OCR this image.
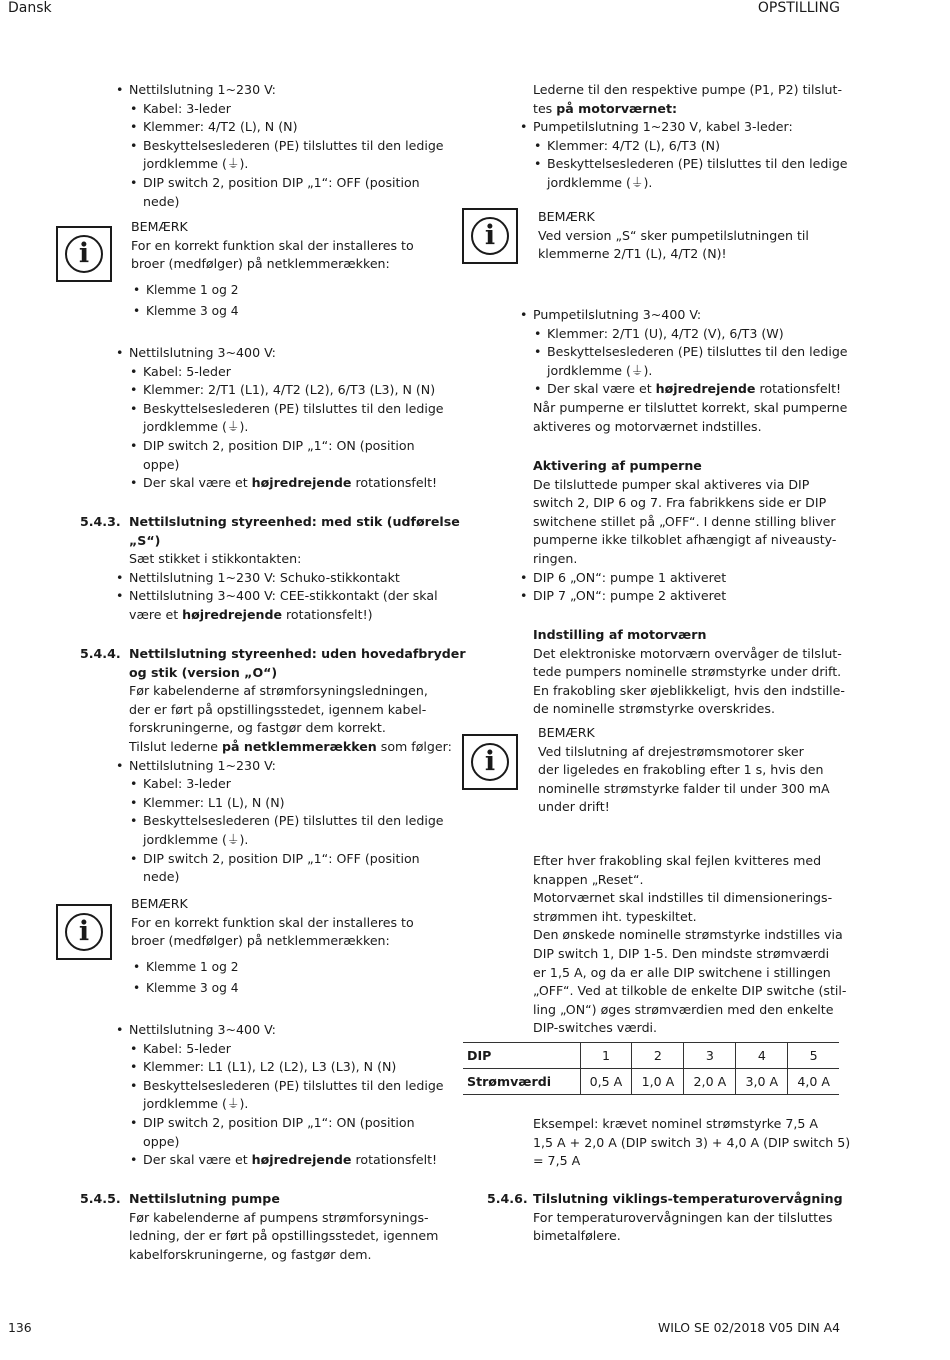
Dansk	OPSTILLING
• Nettilslutning 1~230 V:
• Kabel: 3-leder
• Klemmer: 4/T2 (L), N (N)
• Beskyttelseslederen (PE) tilsluttes til den ledige
jordklemme (⏚).
• DIP switch 2, position DIP „1“: OFF (position
nede)
i
BEMÆRK
For en korrekt funktion skal der installeres to
broer (medfølger) på netklemmerækken:
• Klemme 1 og 2
• Klemme 3 og 4
• Nettilslutning 3~400 V:
• Kabel: 5-leder
• Klemmer: 2/T1 (L1), 4/T2 (L2), 6/T3 (L3), N (N)
• Beskyttelseslederen (PE) tilsluttes til den ledige
jordklemme (⏚).
• DIP switch 2, position DIP „1“: ON (position
oppe)
• Der skal være et højredrejende rotationsfelt!
5.4.3. Nettilslutning styreenhed: med stik (udførelse
„S“)
Sæt stikket i stikkontakten:
• Nettilslutning 1~230 V: Schuko-stikkontakt
• Nettilslutning 3~400 V: CEE-stikkontakt (der skal
være et højredrejende rotationsfelt!)
5.4.4. Nettilslutning styreenhed: uden hovedafbryder
og stik (version „O“)
Før kabelenderne af strømforsyningsledningen,
der er ført på opstillingsstedet, igennem kabel-
forskruningerne, og fastgør dem korrekt.
Tilslut lederne på netklemmerækken som følger:
• Nettilslutning 1~230 V:
• Kabel: 3-leder
• Klemmer: L1 (L), N (N)
• Beskyttelseslederen (PE) tilsluttes til den ledige
jordklemme (⏚).
• DIP switch 2, position DIP „1“: OFF (position
nede)
i
BEMÆRK
For en korrekt funktion skal der installeres to
broer (medfølger) på netklemmerækken:
• Klemme 1 og 2
• Klemme 3 og 4
• Nettilslutning 3~400 V:
• Kabel: 5-leder
• Klemmer: L1 (L1), L2 (L2), L3 (L3), N (N)
• Beskyttelseslederen (PE) tilsluttes til den ledige
jordklemme (⏚).
• DIP switch 2, position DIP „1“: ON (position
oppe)
• Der skal være et højredrejende rotationsfelt!
5.4.5. Nettilslutning pumpe
Før kabelenderne af pumpens strømforsynings-
ledning, der er ført på opstillingsstedet, igennem
kabelforskruningerne, og fastgør dem.
Lederne til den respektive pumpe (P1, P2) tilslut-
tes på motorværnet:
• Pumpetilslutning 1~230 V, kabel 3-leder:
• Klemmer: 4/T2 (L), 6/T3 (N)
• Beskyttelseslederen (PE) tilsluttes til den ledige
jordklemme (⏚).
i
BEMÆRK
Ved version „S“ sker pumpetilslutningen til
klemmerne 2/T1 (L), 4/T2 (N)!
• Pumpetilslutning 3~400 V:
• Klemmer: 2/T1 (U), 4/T2 (V), 6/T3 (W)
• Beskyttelseslederen (PE) tilsluttes til den ledige
jordklemme (⏚).
• Der skal være et højredrejende rotationsfelt!
Når pumperne er tilsluttet korrekt, skal pumperne
aktiveres og motorværnet indstilles.
Aktivering af pumperne
De tilsluttede pumper skal aktiveres via DIP
switch 2, DIP 6 og 7. Fra fabrikkens side er DIP
switchene stillet på „OFF“. I denne stilling bliver
pumperne ikke tilkoblet afhængigt af niveausty-
ringen.
• DIP 6 „ON“: pumpe 1 aktiveret
• DIP 7 „ON“: pumpe 2 aktiveret
Indstilling af motorværn
Det elektroniske motorværn overvåger de tilslut-
tede pumpers nominelle strømstyrke under drift.
En frakobling sker øjeblikkeligt, hvis den indstille-
de nominelle strømstyrke overskrides.
i
BEMÆRK
Ved tilslutning af drejestrømsmotorer sker
der ligeledes en frakobling efter 1 s, hvis den
nominelle strømstyrke falder til under 300 mA
under drift!
Efter hver frakobling skal fejlen kvitteres med
knappen „Reset“.
Motorværnet skal indstilles til dimensionerings-
strømmen iht. typeskiltet.
Den ønskede nominelle strømstyrke indstilles via
DIP switch 1, DIP 1-5. Den mindste strømværdi
er 1,5 A, og da er alle DIP switchene i stillingen
„OFF“. Ved at tilkoble de enkelte DIP switche (stil-
ling „ON“) øges strømværdien med den enkelte
DIP-switches værdi.
DIP	1	2	3	4	5
Strømværdi	0,5 A	1,0 A	2,0 A	3,0 A	4,0 A
Eksempel: krævet nominel strømstyrke 7,5 A
1,5 A + 2,0 A (DIP switch 3) + 4,0 A (DIP switch 5)
= 7,5 A
5.4.6. Tilslutning viklings-temperaturovervågning
For temperaturovervågningen kan der tilsluttes
bimetalfølere.
136	WILO SE 02/2018 V05 DIN A4
